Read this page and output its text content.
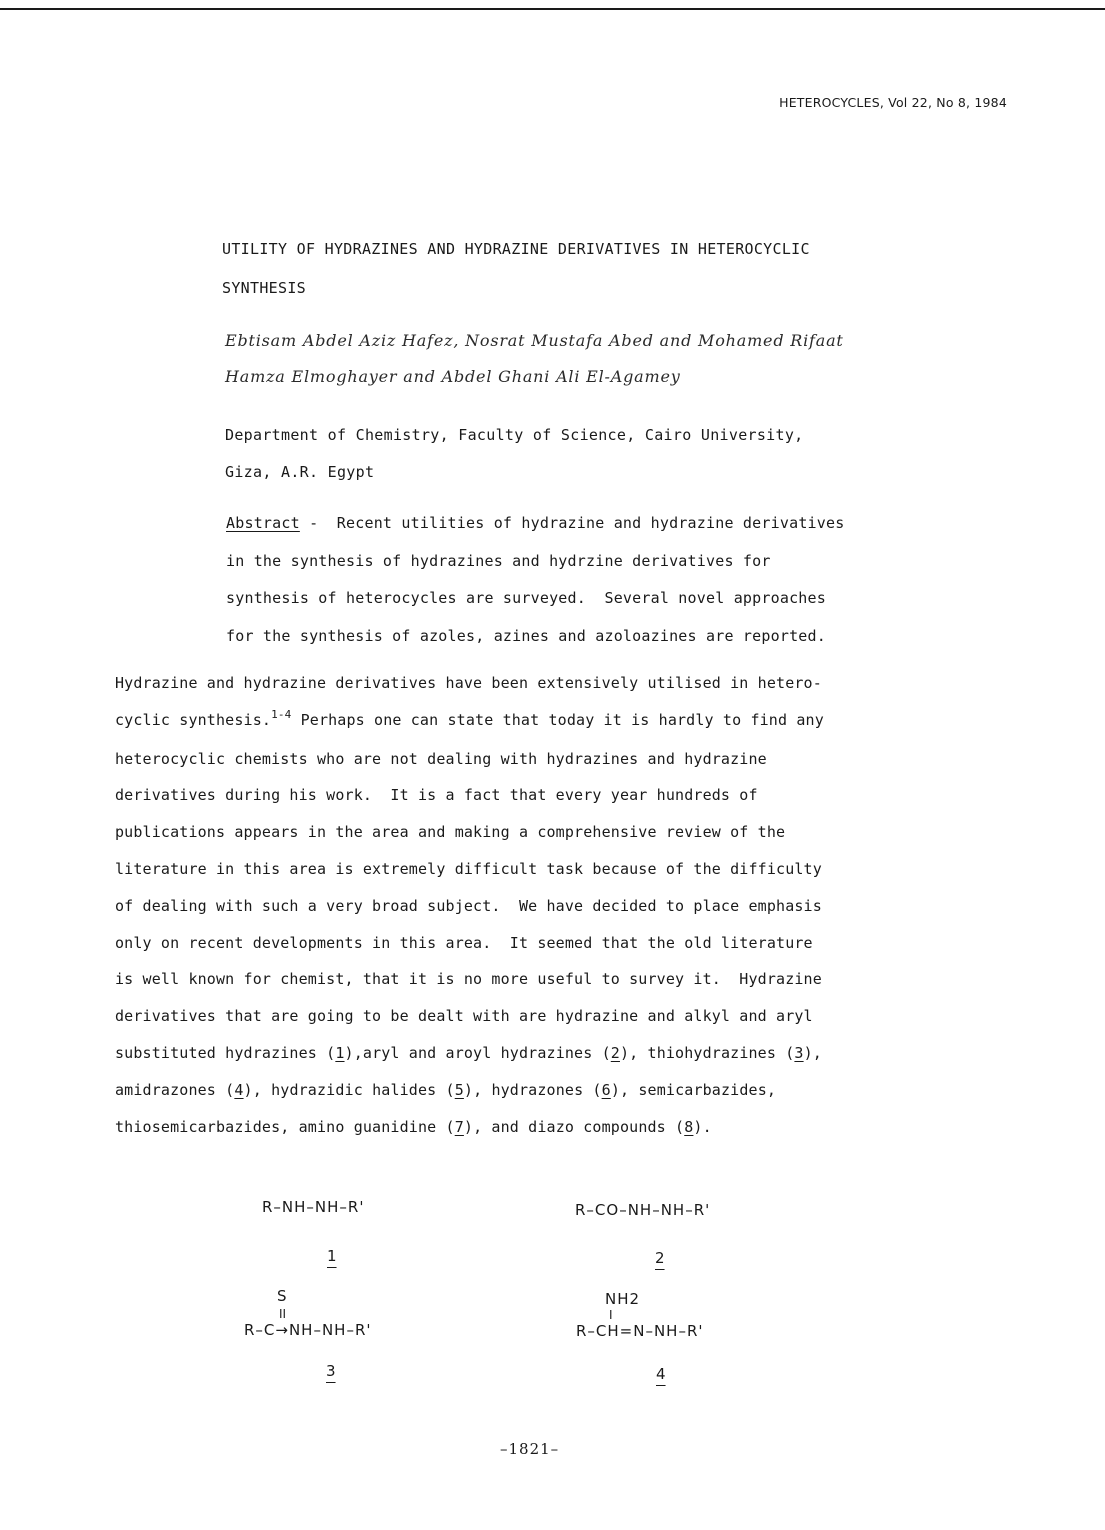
HETEROCYCLES, Vol 22, No 8, 1984
UTILITY OF HYDRAZINES AND HYDRAZINE DERIVATIVES IN HETEROCYCLIC
SYNTHESIS
Ebtisam Abdel Aziz Hafez, Nosrat Mustafa Abed and Mohamed Rifaat
Hamza Elmoghayer and Abdel Ghani Ali El-Agamey
Department of Chemistry, Faculty of Science, Cairo University,
Giza, A.R. Egypt
Abstract -  Recent utilities of hydrazine and hydrazine derivatives
in the synthesis of hydrazines and hydrzine derivatives for
synthesis of heterocycles are surveyed.  Several novel approaches
for the synthesis of azoles, azines and azoloazines are reported.
Hydrazine and hydrazine derivatives have been extensively utilised in hetero-
cyclic synthesis.$^{1-4}$ Perhaps one can state that today it is hardly to find any
heterocyclic chemists who are not dealing with hydrazines and hydrazine
derivatives during his work.  It is a fact that every year hundreds of
publications appears in the area and making a comprehensive review of the
literature in this area is extremely difficult task because of the difficulty
of dealing with such a very broad subject.  We have decided to place emphasis
only on recent developments in this area.  It seemed that the old literature
is well known for chemist, that it is no more useful to survey it.  Hydrazine
derivatives that are going to be dealt with are hydrazine and alkyl and aryl
substituted hydrazines (1),aryl and aroyl hydrazines (2), thiohydrazines (3),
amidrazones (4), hydrazidic halides (5), hydrazones (6), semicarbazides,
thiosemicarbazides, amino guanidine (7), and diazo compounds (8).
R–NH–NH–R'
1
R–CO–NH–NH–R'
2
S
II
R–C→NH–NH–R'
3
NH2
I
R–CH=N–NH–R'
4
–1821–
